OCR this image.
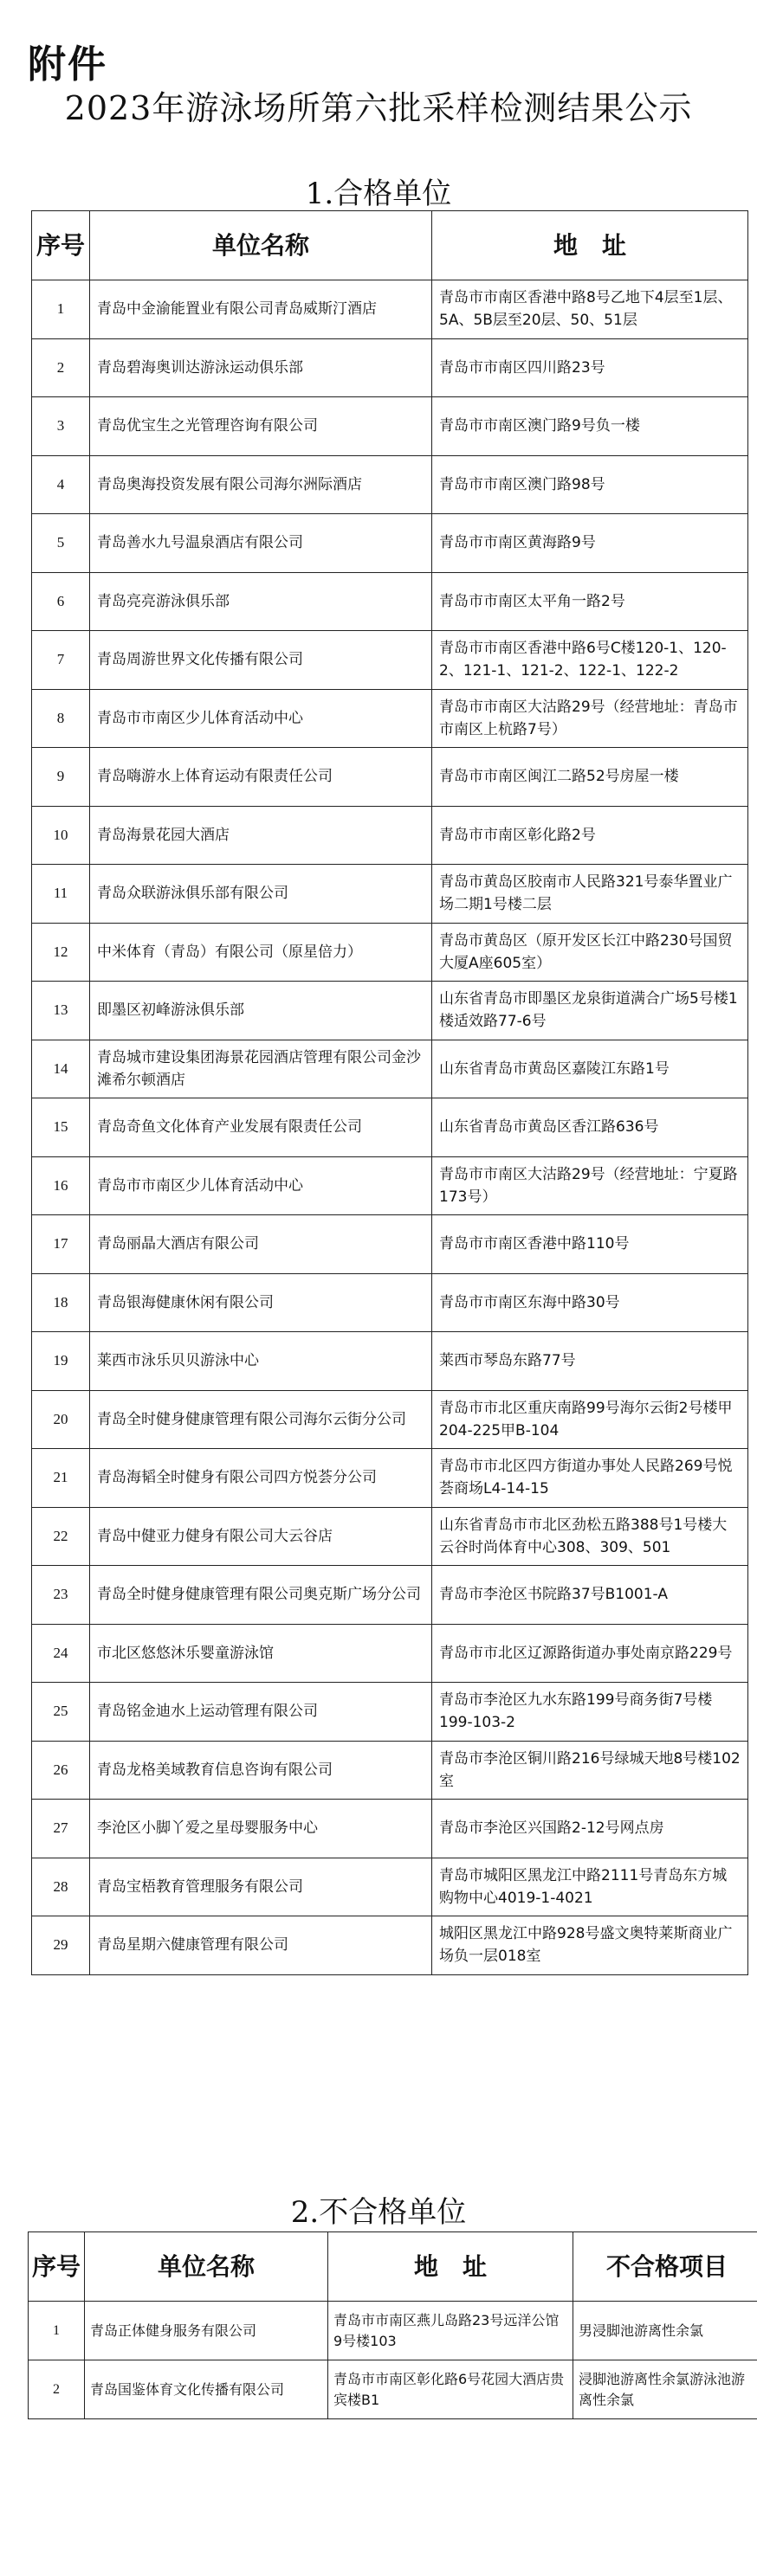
附件
2023年游泳场所第六批采样检测结果公示
1.合格单位
序号	单位名称	地　址
1	青岛中金渝能置业有限公司青岛威斯汀酒店	青岛市市南区香港中路8号乙地下4层至1层、5A、5B层至20层、50、51层
2	青岛碧海奥训达游泳运动俱乐部	青岛市市南区四川路23号
3	青岛优宝生之光管理咨询有限公司	青岛市市南区澳门路9号负一楼
4	青岛奥海投资发展有限公司海尔洲际酒店	青岛市市南区澳门路98号
5	青岛善水九号温泉酒店有限公司	青岛市市南区黄海路9号
6	青岛亮亮游泳俱乐部	青岛市市南区太平角一路2号
7	青岛周游世界文化传播有限公司	青岛市市南区香港中路6号C楼120-1、120-2、121-1、121-2、122-1、122-2
8	青岛市市南区少儿体育活动中心	青岛市市南区大沽路29号（经营地址：青岛市市南区上杭路7号）
9	青岛嗨游水上体育运动有限责任公司	青岛市市南区闽江二路52号房屋一楼
10	青岛海景花园大酒店	青岛市市南区彰化路2号
11	青岛众联游泳俱乐部有限公司	青岛市黄岛区胶南市人民路321号泰华置业广场二期1号楼二层
12	中米体育（青岛）有限公司（原星倍力）	青岛市黄岛区（原开发区长江中路230号国贸大厦A座605室）
13	即墨区初峰游泳俱乐部	山东省青岛市即墨区龙泉街道满合广场5号楼1楼适效路77-6号
14	青岛城市建设集团海景花园酒店管理有限公司金沙滩希尔顿酒店	山东省青岛市黄岛区嘉陵江东路1号
15	青岛奇鱼文化体育产业发展有限责任公司	山东省青岛市黄岛区香江路636号
16	青岛市市南区少儿体育活动中心	青岛市市南区大沽路29号（经营地址：宁夏路173号）
17	青岛丽晶大酒店有限公司	青岛市市南区香港中路110号
18	青岛银海健康休闲有限公司	青岛市市南区东海中路30号
19	莱西市泳乐贝贝游泳中心	莱西市琴岛东路77号
20	青岛全时健身健康管理有限公司海尔云街分公司	青岛市市北区重庆南路99号海尔云街2号楼甲204-225甲B-104
21	青岛海韬全时健身有限公司四方悦荟分公司	青岛市市北区四方街道办事处人民路269号悦荟商场L4-14-15
22	青岛中健亚力健身有限公司大云谷店	山东省青岛市市北区劲松五路388号1号楼大云谷时尚体育中心308、309、501
23	青岛全时健身健康管理有限公司奥克斯广场分公司	青岛市李沧区书院路37号B1001-A
24	市北区悠悠沐乐婴童游泳馆	青岛市市北区辽源路街道办事处南京路229号
25	青岛铭金迪水上运动管理有限公司	青岛市李沧区九水东路199号商务街7号楼199-103-2
26	青岛龙格美域教育信息咨询有限公司	青岛市李沧区铜川路216号绿城天地8号楼102室
27	李沧区小脚丫爱之星母婴服务中心	青岛市李沧区兴国路2-12号网点房
28	青岛宝梧教育管理服务有限公司	青岛市城阳区黑龙江中路2111号青岛东方城购物中心4019-1-4021
29	青岛星期六健康管理有限公司	城阳区黑龙江中路928号盛文奥特莱斯商业广场负一层018室
2.不合格单位
序号	单位名称	地　址	不合格项目
1	青岛正体健身服务有限公司	青岛市市南区燕儿岛路23号远洋公馆9号楼103	男浸脚池游离性余氯
2	青岛国鉴体育文化传播有限公司	青岛市市南区彰化路6号花园大酒店贵宾楼B1	浸脚池游离性余氯游泳池游离性余氯
